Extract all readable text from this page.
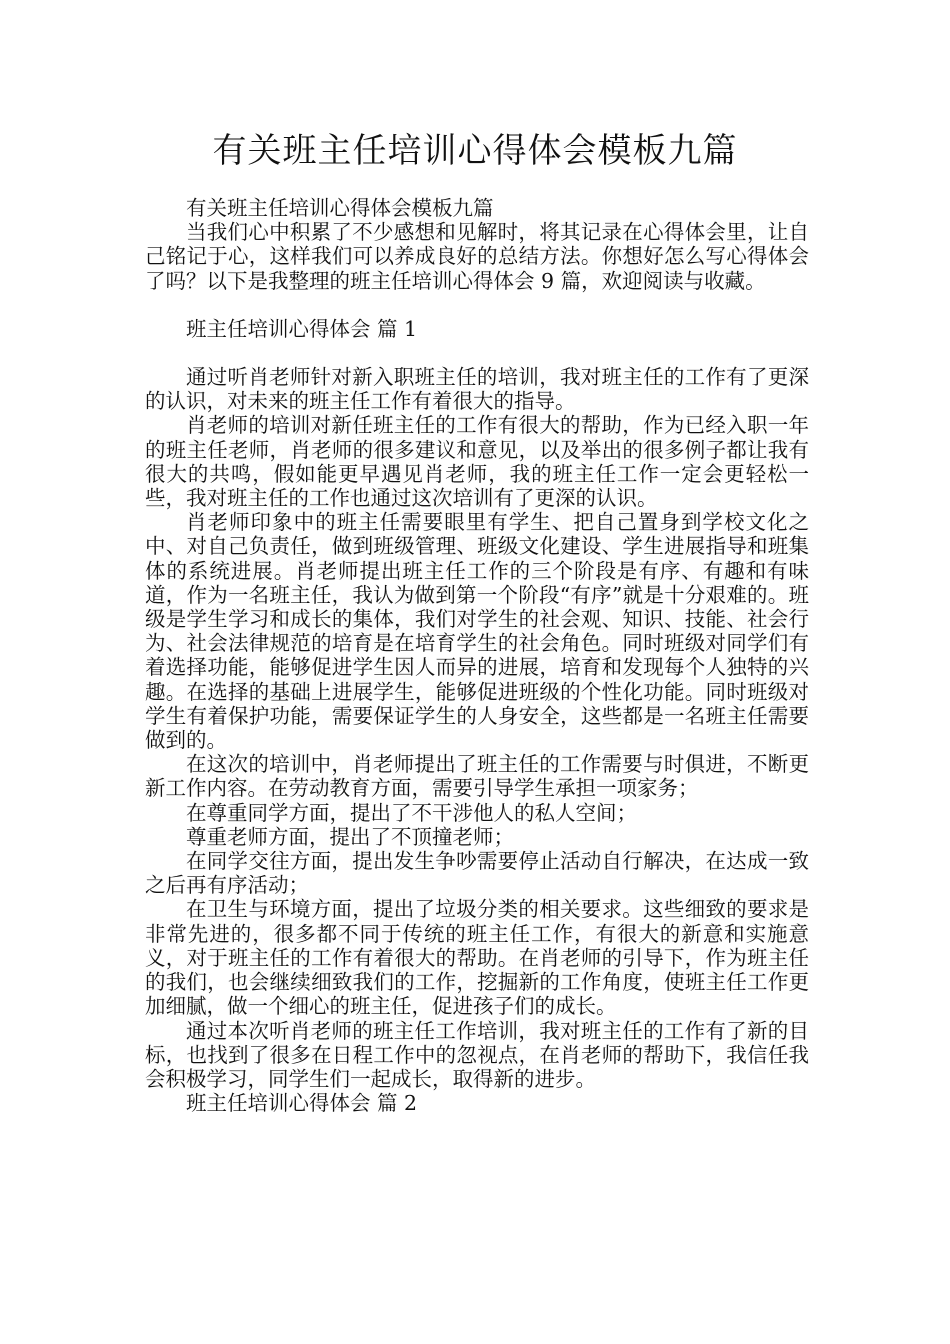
有关班主任培训心得体会模板九篇

有关班主任培训心得体会模板九篇

当我们心中积累了不少感想和见解时，将其记录在心得体会里，让自己铭记于心，这样我们可以养成良好的总结方法。你想好怎么写心得体会了吗？以下是我整理的班主任培训心得体会 9 篇，欢迎阅读与收藏。

班主任培训心得体会 篇 1

通过听肖老师针对新入职班主任的培训，我对班主任的工作有了更深的认识，对未来的班主任工作有着很大的指导。

肖老师的培训对新任班主任的工作有很大的帮助，作为已经入职一年的班主任老师，肖老师的很多建议和意见，以及举出的很多例子都让我有很大的共鸣，假如能更早遇见肖老师，我的班主任工作一定会更轻松一些，我对班主任的工作也通过这次培训有了更深的认识。

肖老师印象中的班主任需要眼里有学生、把自己置身到学校文化之中、对自己负责任，做到班级管理、班级文化建设、学生进展指导和班集体的系统进展。肖老师提出班主任工作的三个阶段是有序、有趣和有味道，作为一名班主任，我认为做到第一个阶段“有序”就是十分艰难的。班级是学生学习和成长的集体，我们对学生的社会观、知识、技能、社会行为、社会法律规范的培育是在培育学生的社会角色。同时班级对同学们有着选择功能，能够促进学生因人而异的进展，培育和发现每个人独特的兴趣。在选择的基础上进展学生，能够促进班级的个性化功能。同时班级对学生有着保护功能，需要保证学生的人身安全，这些都是一名班主任需要做到的。

在这次的培训中，肖老师提出了班主任的工作需要与时俱进，不断更新工作内容。在劳动教育方面，需要引导学生承担一项家务；

在尊重同学方面，提出了不干涉他人的私人空间；

尊重老师方面，提出了不顶撞老师；

在同学交往方面，提出发生争吵需要停止活动自行解决，在达成一致之后再有序活动；

在卫生与环境方面，提出了垃圾分类的相关要求。这些细致的要求是非常先进的，很多都不同于传统的班主任工作，有很大的新意和实施意义，对于班主任的工作有着很大的帮助。在肖老师的引导下，作为班主任的我们，也会继续细致我们的工作，挖掘新的工作角度，使班主任工作更加细腻，做一个细心的班主任，促进孩子们的成长。

通过本次听肖老师的班主任工作培训，我对班主任的工作有了新的目标，也找到了很多在日程工作中的忽视点，在肖老师的帮助下，我信任我会积极学习，同学生们一起成长，取得新的进步。

班主任培训心得体会 篇 2
